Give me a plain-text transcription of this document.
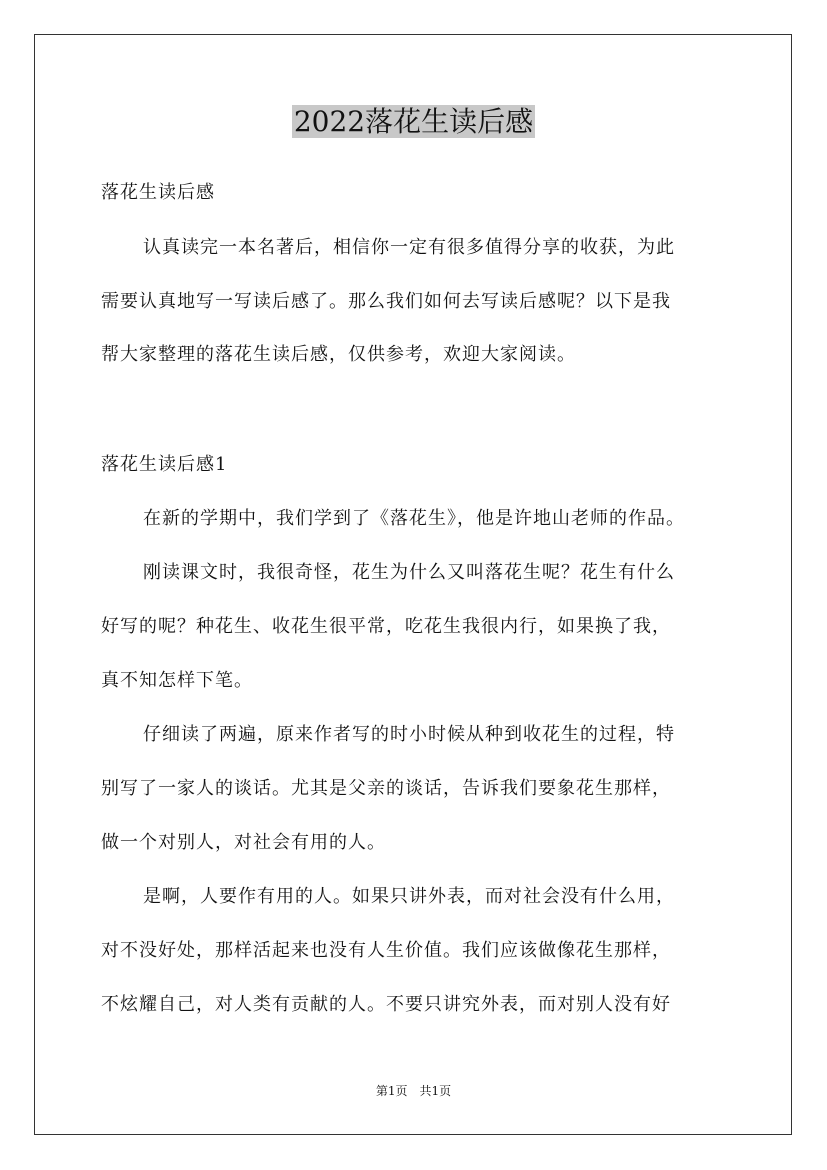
2022落花生读后感
落花生读后感
认真读完一本名著后，相信你一定有很多值得分享的收获，为此
需要认真地写一写读后感了。那么我们如何去写读后感呢？以下是我
帮大家整理的落花生读后感，仅供参考，欢迎大家阅读。
落花生读后感1
在新的学期中，我们学到了《落花生》，他是许地山老师的作品。
刚读课文时，我很奇怪，花生为什么又叫落花生呢？花生有什么
好写的呢？种花生、收花生很平常，吃花生我很内行，如果换了我，
真不知怎样下笔。
仔细读了两遍，原来作者写的时小时候从种到收花生的过程，特
别写了一家人的谈话。尤其是父亲的谈话，告诉我们要象花生那样，
做一个对别人，对社会有用的人。
是啊，人要作有用的人。如果只讲外表，而对社会没有什么用，
对不没好处，那样活起来也没有人生价值。我们应该做像花生那样，
不炫耀自己，对人类有贡献的人。不要只讲究外表，而对别人没有好
第1页　共1页
